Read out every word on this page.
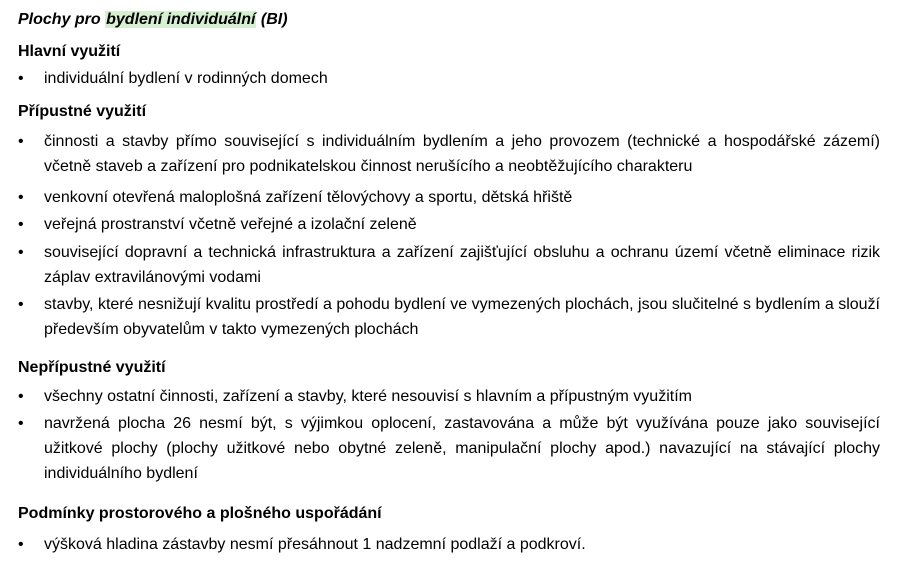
Plochy pro bydlení individuální (BI)
Hlavní využití
• individuální bydlení v rodinných domech
Přípustné využití
• činnosti a stavby přímo související s individuálním bydlením a jeho provozem (technické a hospodářské zázemí) včetně staveb a zařízení pro podnikatelskou činnost nerušícího a neobtěžujícího charakteru
• venkovní otevřená maloplošná zařízení tělovýchovy a sportu, dětská hřiště
• veřejná prostranství včetně veřejné a izolační zeleně
• související dopravní a technická infrastruktura a zařízení zajišťující obsluhu a ochranu území včetně eliminace rizik záplav extravilánovými vodami
• stavby, které nesnižují kvalitu prostředí a pohodu bydlení ve vymezených plochách, jsou slučitelné s bydlením a slouží především obyvatelům v takto vymezených plochách
Nepřípustné využití
• všechny ostatní činnosti, zařízení a stavby, které nesouvisí s hlavním a přípustným využitím
• navržená plocha 26 nesmí být, s výjimkou oplocení, zastavována a může být využívána pouze jako související užitkové plochy (plochy užitkové nebo obytné zeleně, manipulační plochy apod.) navazující na stávající plochy individuálního bydlení
Podmínky prostorového a plošného uspořádání
• výšková hladina zástavby nesmí přesáhnout 1 nadzemní podlaží a podkroví.
